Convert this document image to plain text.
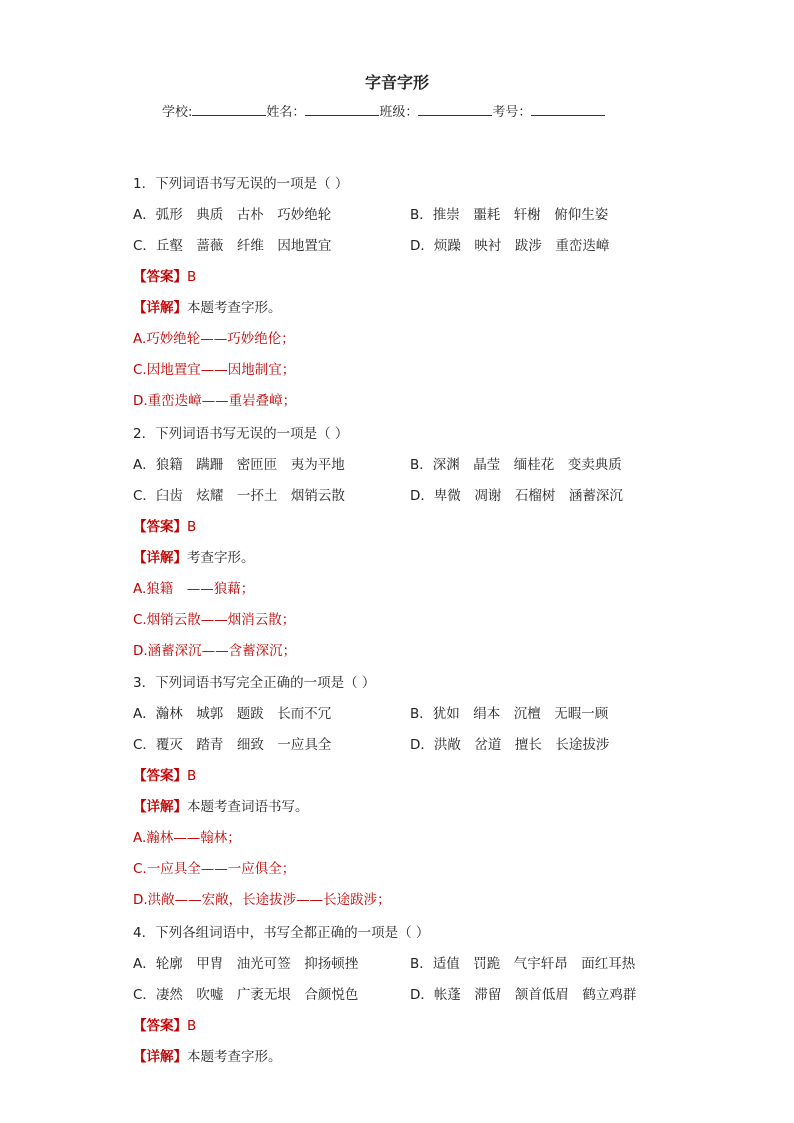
字音字形
学校:	姓名：	班级：	考号：
1．下列词语书写无误的一项是（ ）
A．弧形　典质　古朴　巧妙绝轮	B．推崇　噩耗　轩榭　俯仰生姿
C．丘壑　蔷薇　纤维　因地置宜	D．烦躁　映衬　跋涉　重峦迭嶂
【答案】B
【详解】本题考查字形。
A.巧妙绝轮——巧妙绝伦；
C.因地置宜——因地制宜；
D.重峦迭嶂——重岩叠嶂；
2．下列词语书写无误的一项是（ ）
A．狼籍　蹒跚　密匝匝　夷为平地	B．深渊　晶莹　缅桂花　变卖典质
C．臼齿　炫耀　一抔土　烟销云散	D．卑微　凋谢　石榴树　涵蓄深沉
【答案】B
【详解】考查字形。
A.狼籍　——狼藉；
C.烟销云散——烟消云散；
D.涵蓄深沉——含蓄深沉；
3．下列词语书写完全正确的一项是（ ）
A．瀚林　城郭　题跋　长而不冗	B．犹如　绢本　沉檀　无暇一顾
C．覆灭　踏青　细致　一应具全	D．洪敞　岔道　擅长　长途拔涉
【答案】B
【详解】本题考查词语书写。
A.瀚林——翰林；
C.一应具全——一应俱全；
D.洪敞——宏敞，长途拔涉——长途跋涉；
4．下列各组词语中，书写全都正确的一项是（ ）
A．轮廓　甲胄　油光可签　抑扬顿挫	B．适值　罚跪　气宇轩昂　面红耳热
C．凄然　吹嘘　广袤无垠　合颜悦色	D．帐蓬　滞留　颔首低眉　鹤立鸡群
【答案】B
【详解】本题考查字形。
